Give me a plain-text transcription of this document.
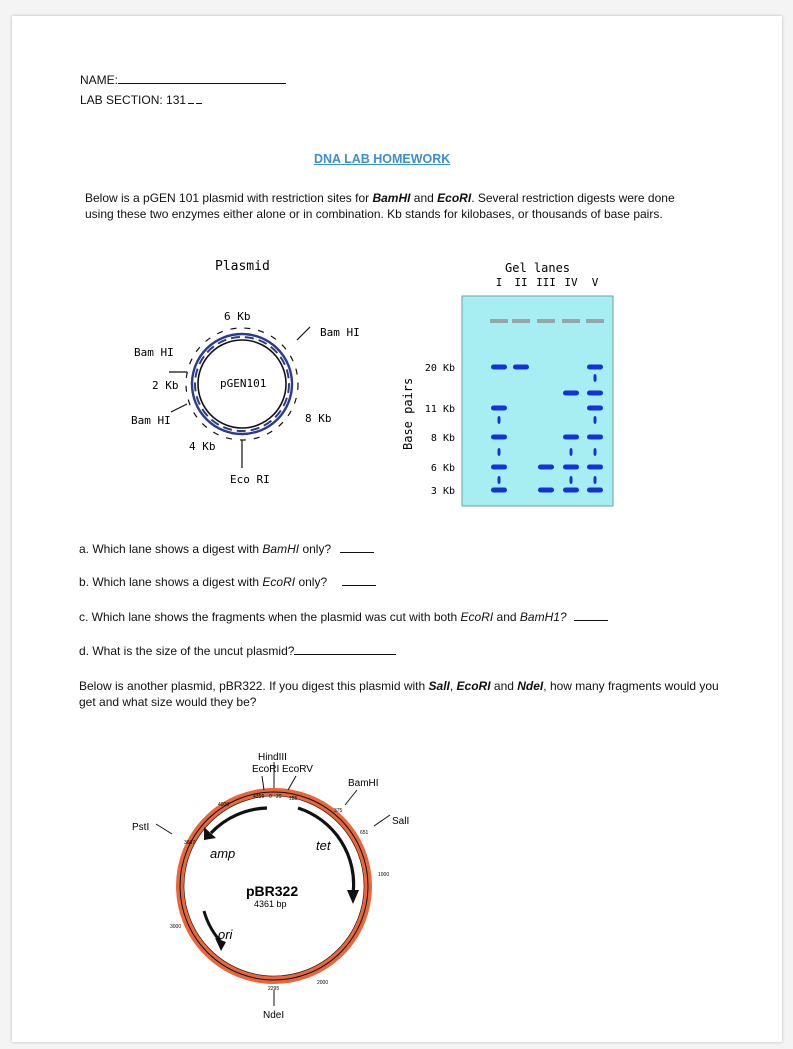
NAME:
LAB SECTION: 131
DNA LAB HOMEWORK
Below is a pGEN 101 plasmid with restriction sites for BamHI and EcoRI. Several restriction digests were done using these two enzymes either alone or in combination. Kb stands for kilobases, or thousands of base pairs.
Plasmid
6 Kb
Bam HI
Bam HI
2 Kb
Bam HI
pGEN101
8 Kb
4 Kb
Eco RI
Gel lanes
I II III IV V
Base pairs
20 Kb
11 Kb
8 Kb
6 Kb
3 Kb
a. Which lane shows a digest with BamHI only?
b. Which lane shows a digest with EcoRI only?
c. Which lane shows the fragments when the plasmid was cut with both EcoRI and BamH1?
d. What is the size of the uncut plasmid?
Below is another plasmid, pBR322. If you digest this plasmid with SalI, EcoRI and NdeI, how many fragments would you get and what size would they be?
HindIII
EcoRI EcoRV
BamHI
SalI
PstI
NdeI
4359 0 29 185
375
651
1000
2000
2295
3000
3607
4000
amp
tet
ori
pBR322
4361 bp
